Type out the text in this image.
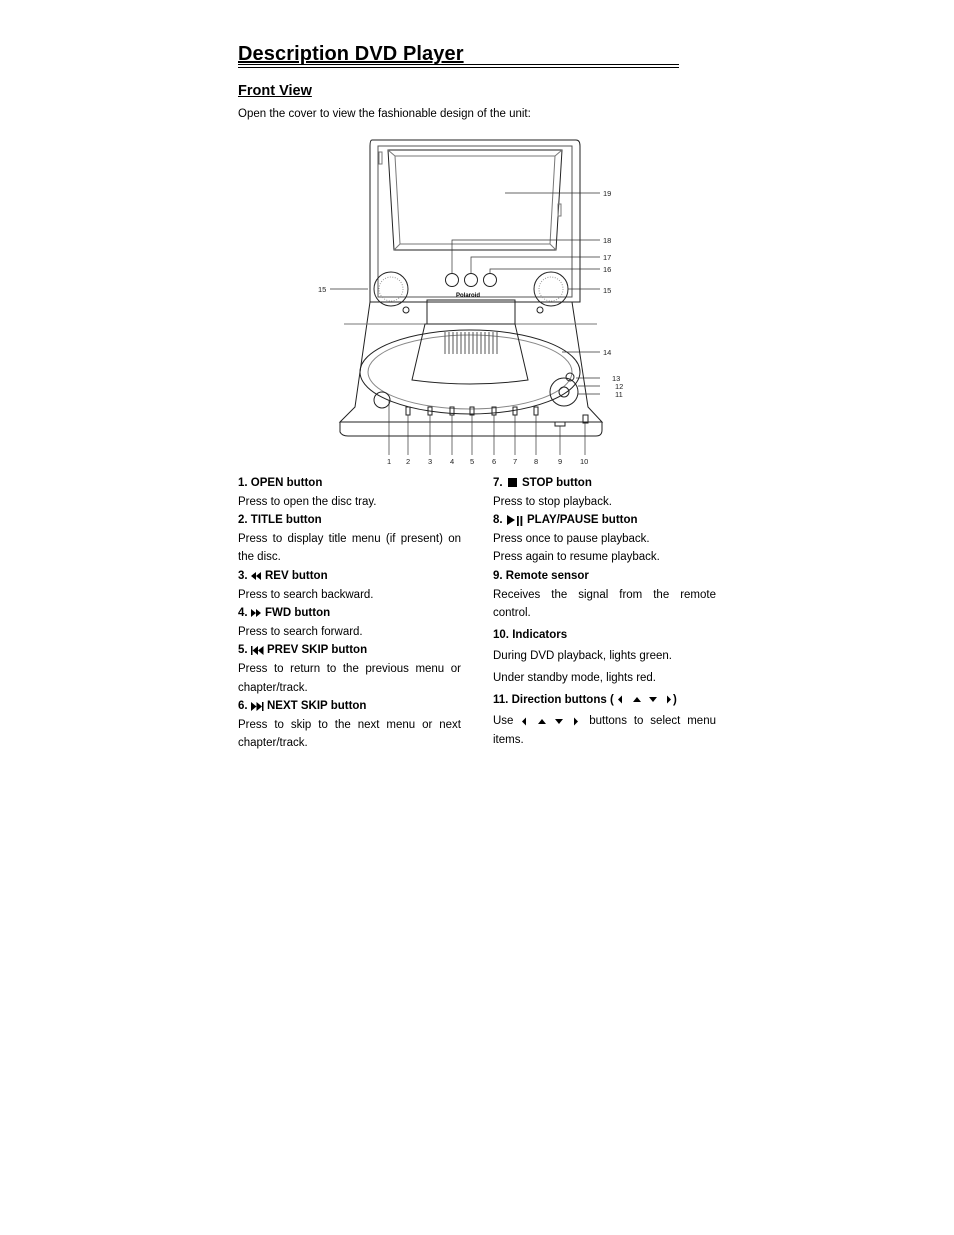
Description DVD Player
Front View
Open the cover to view the fashionable design of the unit:
Polaroid
19
18
17
16
15
15
14
13
12
11
1 2 3 4 5 6 7 8	9 10
1. OPEN button
Press to open the disc tray.
2. TITLE button
Press to display title menu (if present) on the disc.
3. REV button
Press to search backward.
4. FWD button
Press to search forward.
5. PREV SKIP button
Press to return to the previous menu or chapter/track.
6. NEXT SKIP button
Press to skip to the next menu or next chapter/track.
7. STOP button
Press to stop playback.
8. PLAY/PAUSE button
Press once to pause playback.
Press again to resume playback.
9. Remote sensor
Receives the signal from the remote control.
10. Indicators
During DVD playback, lights green.
Under standby mode, lights red.
11. Direction buttons (	)
Use	buttons to select menu items.
